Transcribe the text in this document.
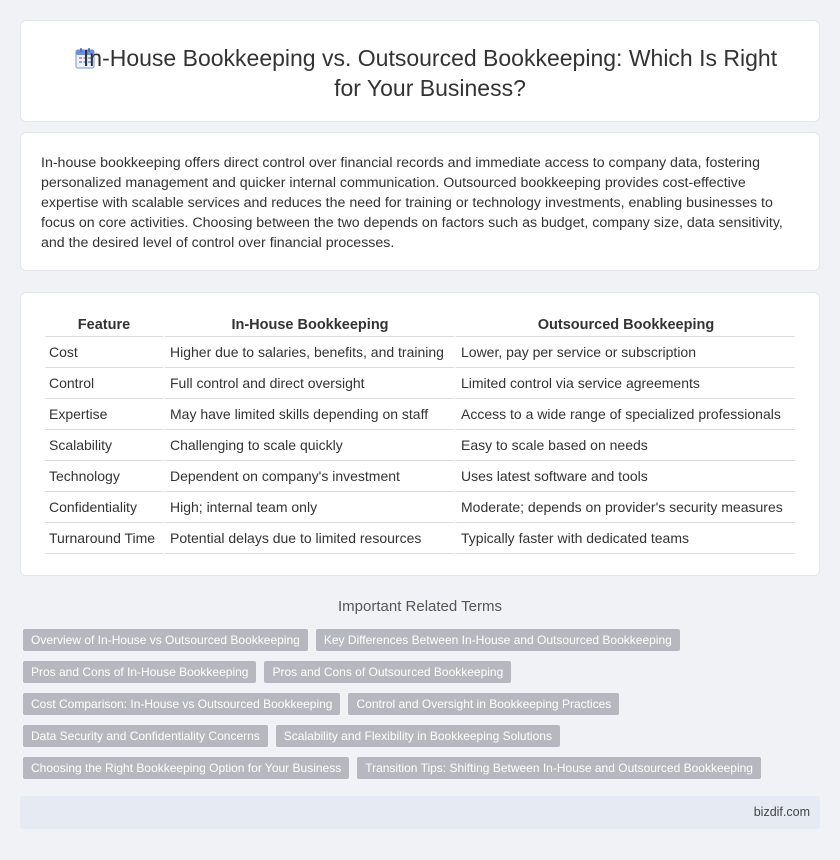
In-House Bookkeeping vs. Outsourced Bookkeeping: Which Is Right for Your Business?

In-house bookkeeping offers direct control over financial records and immediate access to company data, fostering personalized management and quicker internal communication. Outsourced bookkeeping provides cost-effective expertise with scalable services and reduces the need for training or technology investments, enabling businesses to focus on core activities. Choosing between the two depends on factors such as budget, company size, data sensitivity, and the desired level of control over financial processes.

Feature	In-House Bookkeeping	Outsourced Bookkeeping
Cost	Higher due to salaries, benefits, and training	Lower, pay per service or subscription
Control	Full control and direct oversight	Limited control via service agreements
Expertise	May have limited skills depending on staff	Access to a wide range of specialized professionals
Scalability	Challenging to scale quickly	Easy to scale based on needs
Technology	Dependent on company's investment	Uses latest software and tools
Confidentiality	High; internal team only	Moderate; depends on provider's security measures
Turnaround Time	Potential delays due to limited resources	Typically faster with dedicated teams
Important Related Terms
Overview of In-House vs Outsourced Bookkeeping	Key Differences Between In-House and Outsourced Bookkeeping
Pros and Cons of In-House Bookkeeping	Pros and Cons of Outsourced Bookkeeping
Cost Comparison: In-House vs Outsourced Bookkeeping	Control and Oversight in Bookkeeping Practices
Data Security and Confidentiality Concerns	Scalability and Flexibility in Bookkeeping Solutions
Choosing the Right Bookkeeping Option for Your Business	Transition Tips: Shifting Between In-House and Outsourced Bookkeeping
bizdif.com
